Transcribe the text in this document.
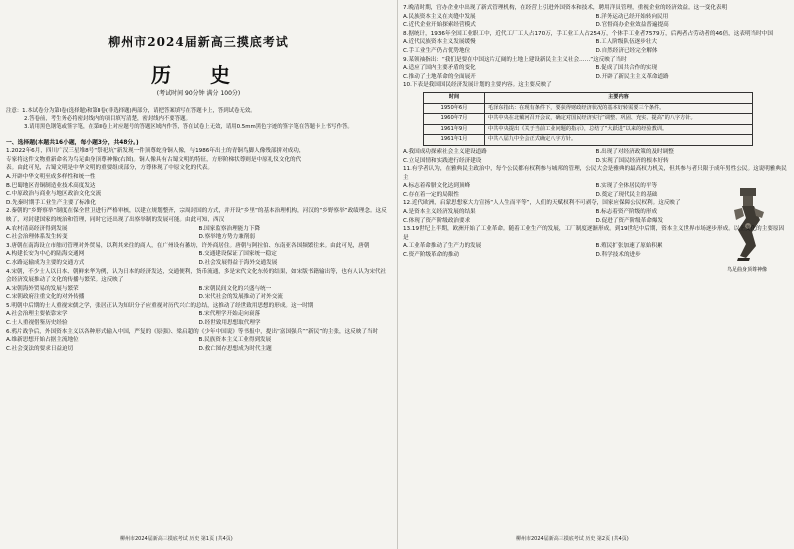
柳州市2024届新高三摸底考试
历 史
(考试时间 90分钟 满分 100分)

注意：1.本试卷分为第Ⅰ卷(选择题)和第Ⅱ卷(非选择题)两部分，请把答案填写在答题卡上，答到试卷无效。

2.答卷前，考生务必将密封线内的项目填写清楚，密封线内不要答题。

3.请用黑色钢笔或签字笔，在第Ⅱ卷上对应题号的答题区域内作答，答在试卷上无效，请用0.5mm黑色字迹的签字笔在答题卡上书写作答。

一、选择题(本题共16小题，每小题3分，共48分。)

1.2022年6月，四川广汉三星堆8号“祭祀坑”新发现一件顶尊蛇身铜人像，与1986年出土的青铜鸟脚人像残部拼对成功，专家将这件文物重新命名为鸟足曲身顶尊神像(右图)。铜人像具有古蜀文明的特征，方形阶梯状尊则是中原礼仪文化的代表。由此可见，古蜀文明是中华文明的重要组成部分，方尊体现了中原文化的代表。

A.开辟中华文明至成多样性和统一性
B.巴蜀地区青铜制造业技术高度发达
C.中原政治与商业与地区政治文化交流
D.先秦时期手工业生产主要了标准化

2.秦朝的“乡野察举”制度在保全世卫进行严格审核，以建立规划整齐，宗周封国的方式，并开设“乡里”的基本治理机构，河汉的“乡野察举”政绩理念。这反映了，对封建国家的统治和管理，同时它还出现了出察举制的发展可能。由此可知，西汉

A.农村清高经济得到发展	B.国家监察治理能力下降
C.社会治理体系发生转变	D.察举地方势力兼削弱

3.唐朝在南海设立市舶司管理对外贸易，以利其来往的商人，在广州设有蕃坊，许外商居住。唐朝与阿拉伯、东南亚各国频繁往来。由此可见，唐朝

A.构建长安为中心的陆海交通网	B.交通建设保证了国家统一稳定
C.水路运输成为主要的交通方式	D.社会发展得益于海外交通发展

4.宋朝，不少士人以日本、朝鲜来华为例，认为日本的经济发达，交通便利，货币流通，多是宋代文化东传的结果，如宋版书籍输出等，也有人认为宋代社会经济发展推动了文化的传播与繁荣。这反映了

A.宋朝海外贸易的发展与繁荣	B.宋朝民间文化的兴盛与统一
C.宋朝政府注重文化的对外传播	D.宋代社会的发展推动了对外交流

5.明朝中后期的士人重视宋儒之学，张居正认为知识分子应重视对历代兴亡的总结，这推动了经世致用思想的形成。这一时期

A.社会治理主要依靠宋学	B.宋代理学开始走向衰落
C.士人重视借鉴历史经验	D.经世致用思想取代理学

6.鸦片战争后，外国资本主义以各种形式输入中国，严复的《原强》、梁启超的《少年中国说》等书报中，提出“富国强兵”“新民”的主张，这反映了当时

A.维新思想开始占据主流地位	B.民族资本主义工业得到发展
C.社会变法的要求日益迫切	D.救亡图存思想成为时代主题
鸟足曲身顶尊神像

7.晚清时期，官办企业中出现了新式管理机构，在经营上引进外国资本和技术，聘用洋员管理，重视企业的经济效益。这一变化表明

A.民族资本主义在夹缝中发展	B.洋务运动已经开始转向民用
C.近代企业开始探索经营模式	D.官督商办企业效益普遍提高

8.据统计，1936年全国工业职工中，近代工厂工人占170万，手工业工人占254万，个体手工业者7579万，后两者占劳动者的46倍，这表明当时中国

A.近代民族资本主义发展缓慢	B.工人阶级队伍逐步壮大
C.手工业生产仍占优势地位	D.自然经济已经完全解体

9.某领袖指出：“我们是要在中国这片辽阔的土地上建设新民主主义社会……”这反映了当时

A.适应了国内主要矛盾的变化	B.促成了国共合作的实现
C.推动了土地革命的全面展开	D.开辟了新民主主义革命道路

10.下表是我国国民经济发展计划的主要内容。这主要反映了

时间	主要内容
1950年6月	毛泽东指出：在现有条件下，要获得财政经济状况的基本好转需要三个条件。
1960年7月	中共中央在北戴河召开会议，确定对国民经济实行“调整、巩固、充实、提高”的八字方针。
1961年9月	中共中央提出《关于当前工业问题的指示》，总结了“大跃进”以来的经验教训。
1961年1月	中共八届九中全会正式确定八字方针。
A.我国成功探索社会主义建设道路	B.出现了对经济政策的及时调整
C.立足国情和实践进行经济建设	D.实现了国民经济的根本好转

11.有学者认为，在雅典民主政治中，每个公民都有权利参与城邦的管理，公民大会是雅典的最高权力机关，但其参与者只限于成年男性公民。这说明雅典民主

A.标志着希腊文化达到顶峰	B.实现了全体居民的平等
C.存在着一定的局限性	D.奠定了现代民主的基础

12.近代欧洲，启蒙思想家大力宣扬“人人生而平等”，人们的天赋权利不可剥夺，国家应保障公民权利。这反映了

A.是资本主义经济发展的结果	B.标志着资产阶级的形成
C.体现了资产阶级政治要求	D.促进了资产阶级革命爆发

13.19世纪上半期，欧洲开始了工业革命。随着工业生产的发展，工厂制度逐渐形成。到19世纪中后期，资本主义世界市场逐步形成。以上变化的主要原因是

A.工业革命推动了生产力的发展	B.殖民扩张加速了原始积累
C.资产阶级革命的推动	D.科学技术的进步
柳州市2024届新高三摸底考试 历史 第1页 (共4页)	柳州市2024届新高三摸底考试 历史 第2页 (共4页)
